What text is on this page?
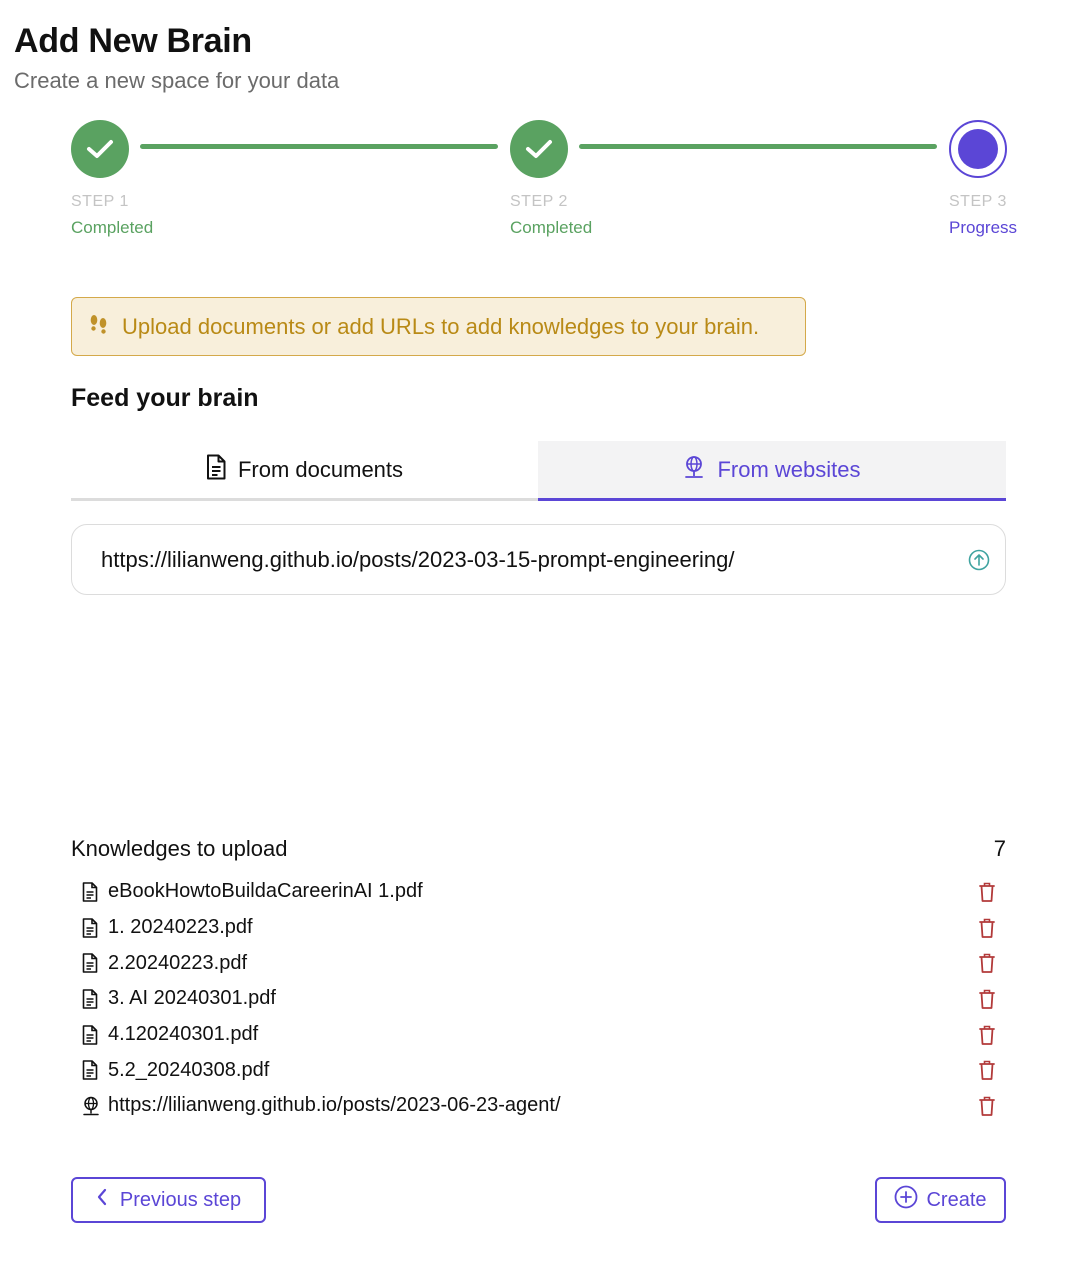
Add New Brain
Create a new space for your data
STEP 1
Completed
STEP 2
Completed
STEP 3
Progress
Upload documents or add URLs to add knowledges to your brain.
Feed your brain
From documents	From websites
https://lilianweng.github.io/posts/2023-03-15-prompt-engineering/
Knowledges to upload	7
eBookHowtoBuildaCareerinAI 1.pdf
1. 20240223.pdf
2.20240223.pdf
3. AI 20240301.pdf
4.120240301.pdf
5.2_20240308.pdf
https://lilianweng.github.io/posts/2023-06-23-agent/
Previous step	Create
